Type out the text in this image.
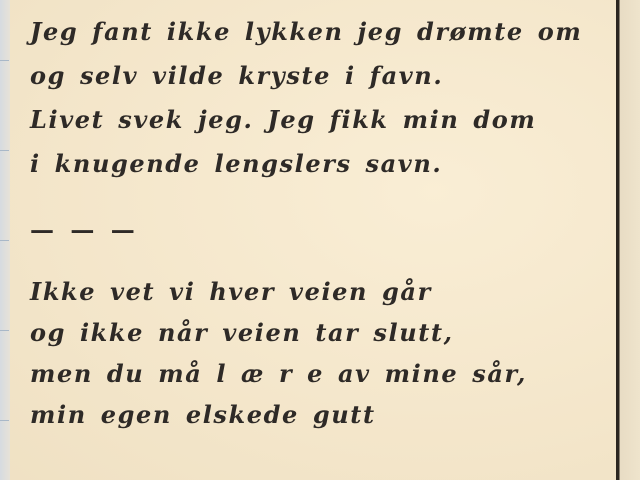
Jeg fant ikke lykken jeg drømte om
og selv vilde kryste i favn.
Livet svek jeg. Jeg fikk min dom
i knugende lengslers savn.
— — —
Ikke vet vi hver veien går
og ikke når veien tar slutt,
men du må l æ r e av mine sår,
min egen elskede gutt
